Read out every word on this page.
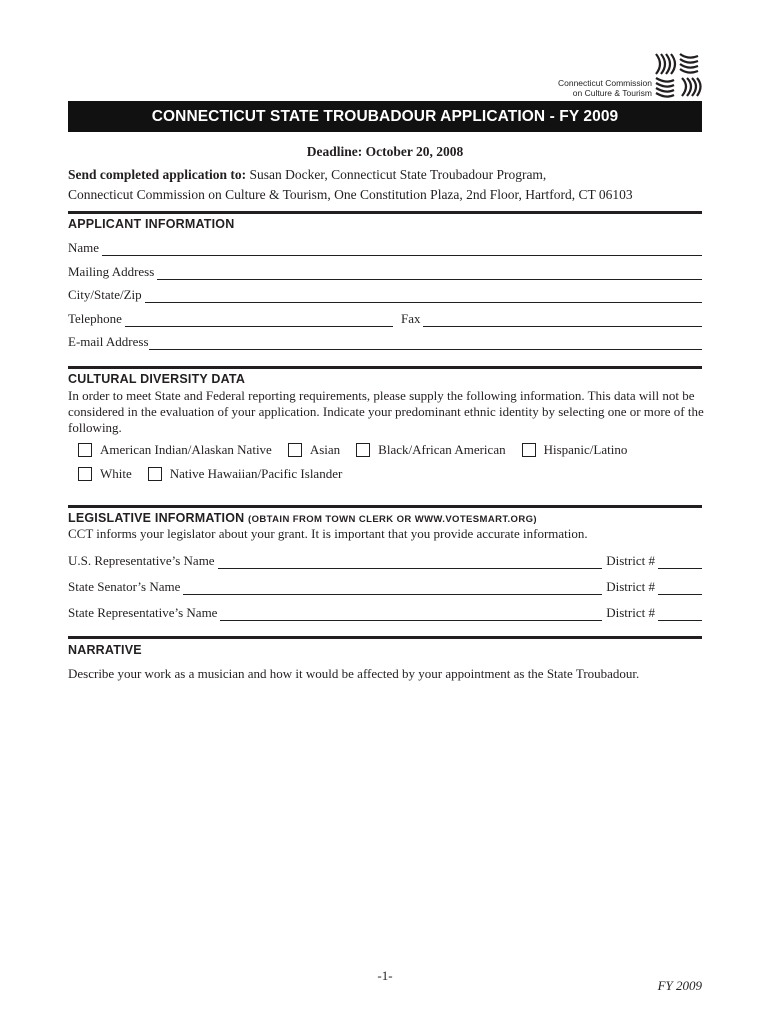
Connecticut Commission
on Culture & Tourism
CONNECTICUT STATE TROUBADOUR APPLICATION - FY 2009
Deadline: October 20, 2008
Send completed application to: Susan Docker, Connecticut State Troubadour Program,
Connecticut Commission on Culture & Tourism, One Constitution Plaza, 2nd Floor, Hartford, CT 06103
APPLICANT INFORMATION
Name
Mailing Address
City/State/Zip
Telephone	Fax
E-mail Address
CULTURAL DIVERSITY DATA
In order to meet State and Federal reporting requirements, please supply the following information. This data will not be considered in the evaluation of your application. Indicate your predominant ethnic identity by selecting one or more of the following.
American Indian/Alaskan Native	Asian	Black/African American	Hispanic/Latino
White	Native Hawaiian/Pacific Islander
LEGISLATIVE INFORMATION (OBTAIN FROM TOWN CLERK OR WWW.VOTESMART.ORG)
CCT informs your legislator about your grant. It is important that you provide accurate information.
U.S. Representative’s Name	District #
State Senator’s Name	District #
State Representative’s Name	District #
NARRATIVE
Describe your work as a musician and how it would be affected by your appointment as the State Troubadour.
-1-
FY 2009
